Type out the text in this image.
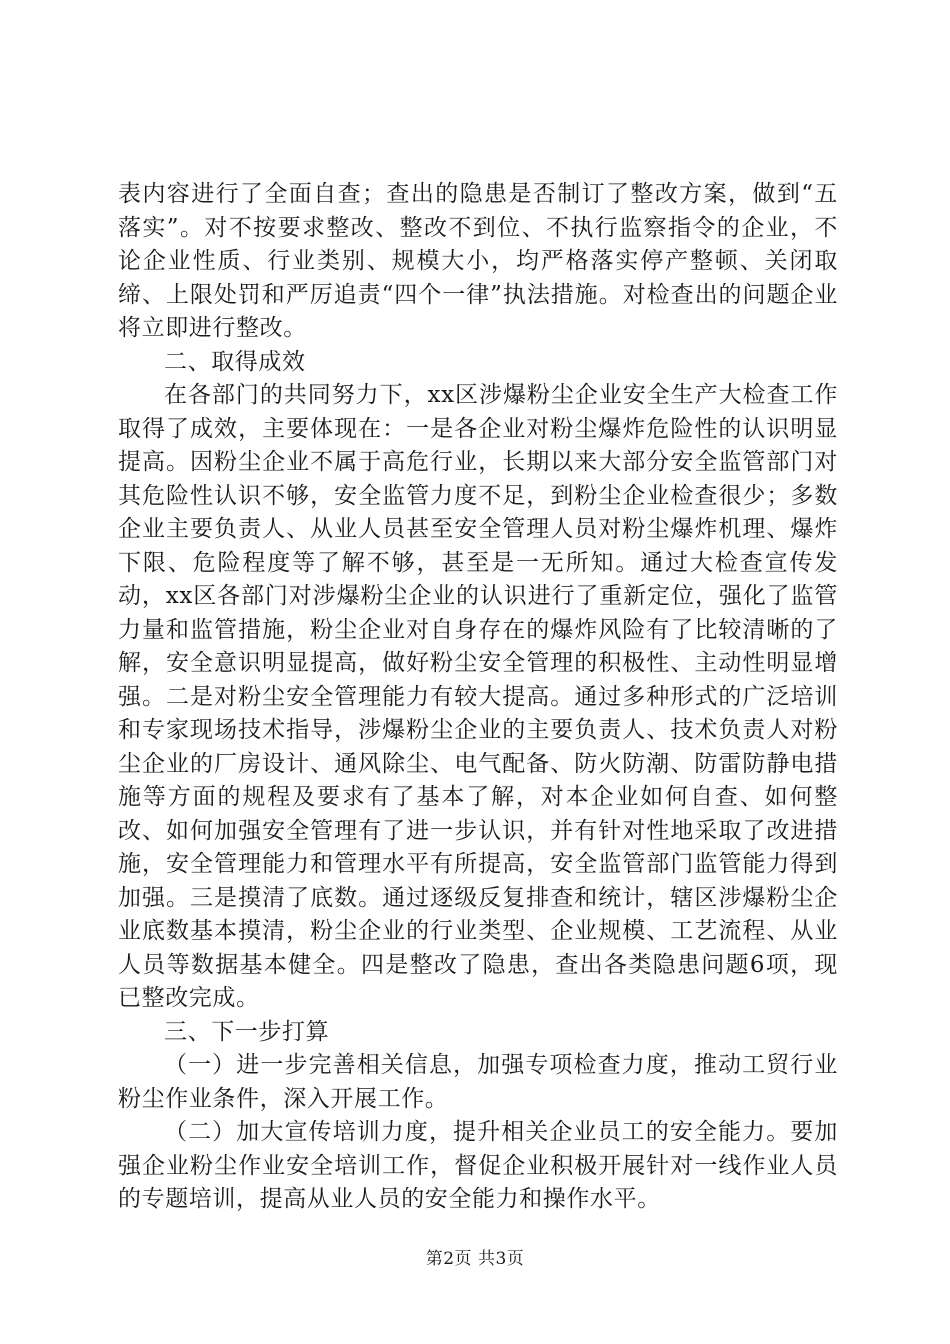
表内容进行了全面自查；查出的隐患是否制订了整改方案，做到“五落实”。对不按要求整改、整改不到位、不执行监察指令的企业，不论企业性质、行业类别、规模大小，均严格落实停产整顿、关闭取缔、上限处罚和严厉追责“四个一律”执法措施。对检查出的问题企业将立即进行整改。

二、取得成效

在各部门的共同努力下，xx区涉爆粉尘企业安全生产大检查工作取得了成效，主要体现在：一是各企业对粉尘爆炸危险性的认识明显提高。因粉尘企业不属于高危行业，长期以来大部分安全监管部门对其危险性认识不够，安全监管力度不足，到粉尘企业检查很少；多数企业主要负责人、从业人员甚至安全管理人员对粉尘爆炸机理、爆炸下限、危险程度等了解不够，甚至是一无所知。通过大检查宣传发动，xx区各部门对涉爆粉尘企业的认识进行了重新定位，强化了监管力量和监管措施，粉尘企业对自身存在的爆炸风险有了比较清晰的了解，安全意识明显提高，做好粉尘安全管理的积极性、主动性明显增强。二是对粉尘安全管理能力有较大提高。通过多种形式的广泛培训和专家现场技术指导，涉爆粉尘企业的主要负责人、技术负责人对粉尘企业的厂房设计、通风除尘、电气配备、防火防潮、防雷防静电措施等方面的规程及要求有了基本了解，对本企业如何自查、如何整改、如何加强安全管理有了进一步认识，并有针对性地采取了改进措施，安全管理能力和管理水平有所提高，安全监管部门监管能力得到加强。三是摸清了底数。通过逐级反复排查和统计，辖区涉爆粉尘企业底数基本摸清，粉尘企业的行业类型、企业规模、工艺流程、从业人员等数据基本健全。四是整改了隐患，查出各类隐患问题6项，现已整改完成。

三、下一步打算

（一）进一步完善相关信息，加强专项检查力度，推动工贸行业粉尘作业条件，深入开展工作。

（二）加大宣传培训力度，提升相关企业员工的安全能力。要加强企业粉尘作业安全培训工作，督促企业积极开展针对一线作业人员的专题培训，提高从业人员的安全能力和操作水平。

第2页 共3页
